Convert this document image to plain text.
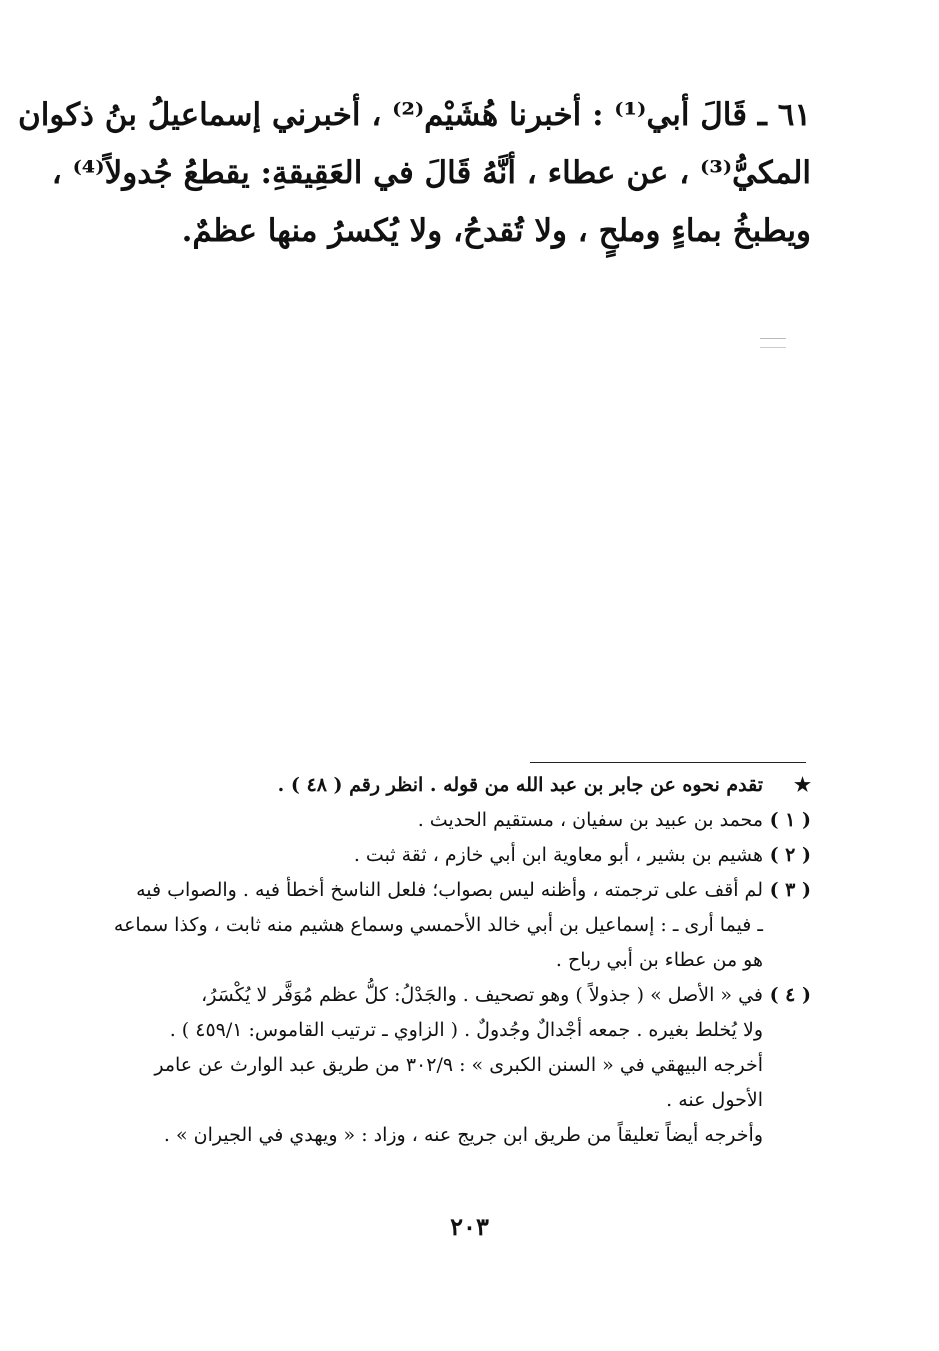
٦١ ـ قَالَ أبي⁽¹⁾ : أخبرنا هُشَيْم⁽²⁾ ، أخبرني إسماعيلُ بنُ ذكوان
المكيُّ⁽³⁾ ، عن عطاء ، أنَّهُ قَالَ في العَقِيقةِ: يقطعُ جُدولاً⁽⁴⁾ ،
ويطبخُ بماءٍ وملحٍ ، ولا تُقدحُ، ولا يُكسرُ منها عظمٌ.
★
تقدم نحوه عن جابر بن عبد الله من قوله . انظر رقم ( ٤٨ ) .
( ١ )
محمد بن عبيد بن سفيان ، مستقيم الحديث .
( ٢ )
هشيم بن بشير ، أبو معاوية ابن أبي خازم ، ثقة ثبت .
( ٣ )
لم أقف على ترجمته ، وأظنه ليس بصواب؛ فلعل الناسخ أخطأ فيه . والصواب فيه
ـ فيما أرى ـ : إسماعيل بن أبي خالد الأحمسي وسماع هشيم منه ثابت ، وكذا سماعه
هو من عطاء بن أبي رباح .
( ٤ )
في « الأصل » ( جذولاً ) وهو تصحيف . والجَدْلُ: كلُّ عظم مُوَفَّر لا يُكْسَرُ،
ولا يُخلط بغيره . جمعه أجْدالٌ وجُدولٌ . ( الزاوي ـ ترتيب القاموس: ٤٥٩/١ ) .
أخرجه البيهقي في « السنن الكبرى » : ٣٠٢/٩ من طريق عبد الوارث عن عامر
الأحول عنه .
وأخرجه أيضاً تعليقاً من طريق ابن جريج عنه ، وزاد : « ويهدي في الجيران » .
٢٠٣
